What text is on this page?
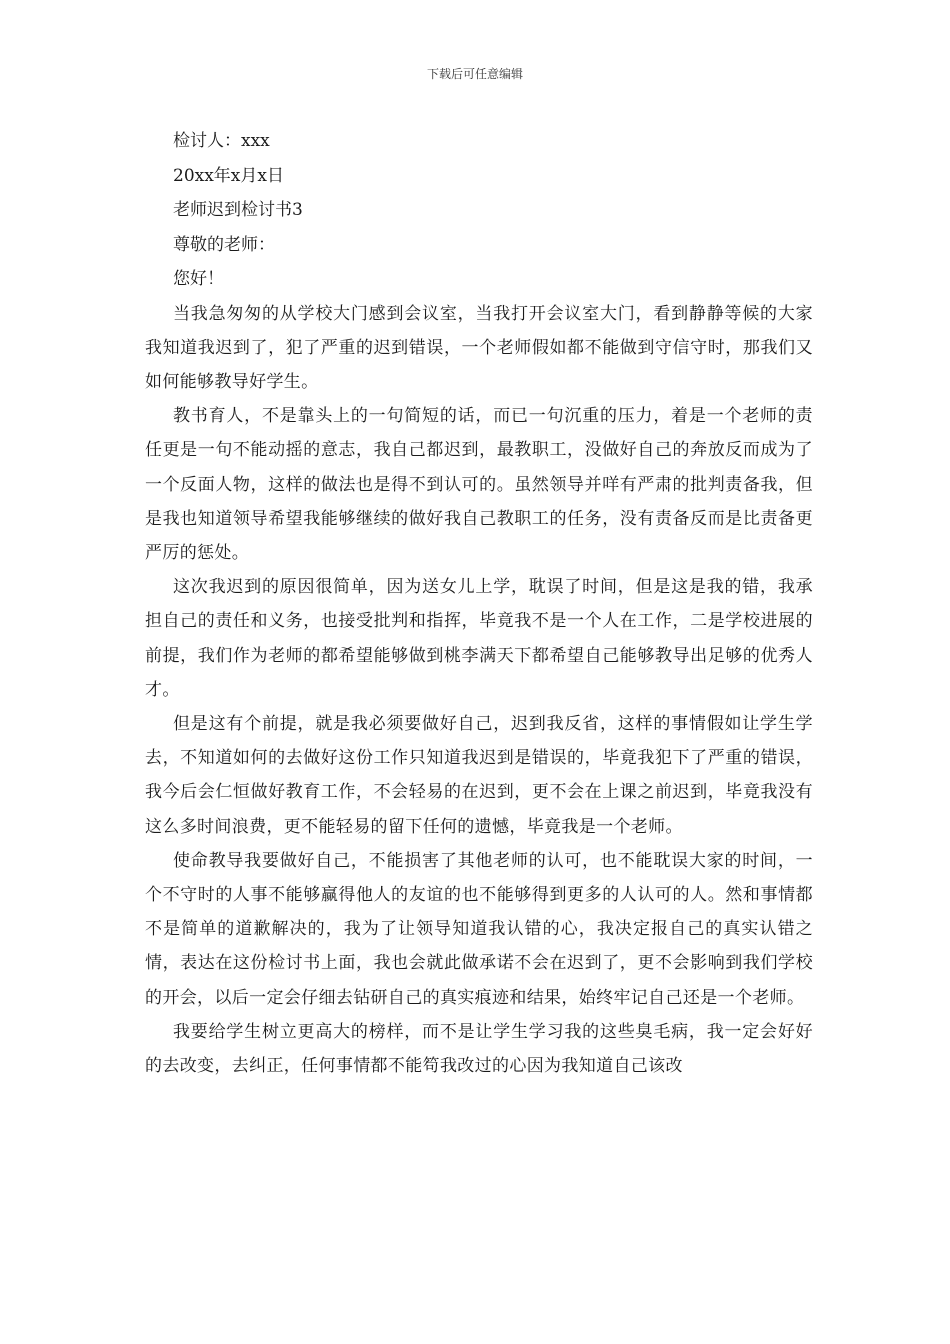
下载后可任意编辑

检讨人：xxx

20xx年x月x日

老师迟到检讨书3

尊敬的老师：

您好！

当我急匆匆的从学校大门感到会议室，当我打开会议室大门，看到静静等候的大家我知道我迟到了，犯了严重的迟到错误，一个老师假如都不能做到守信守时，那我们又如何能够教导好学生。

教书育人，不是靠头上的一句简短的话，而已一句沉重的压力，着是一个老师的责任更是一句不能动摇的意志，我自己都迟到，最教职工，没做好自己的奔放反而成为了一个反面人物，这样的做法也是得不到认可的。虽然领导并咩有严肃的批判责备我，但是我也知道领导希望我能够继续的做好我自己教职工的任务，没有责备反而是比责备更严厉的惩处。

这次我迟到的原因很简单，因为送女儿上学，耽误了时间，但是这是我的错，我承担自己的责任和义务，也接受批判和指挥，毕竟我不是一个人在工作，二是学校进展的前提，我们作为老师的都希望能够做到桃李满天下都希望自己能够教导出足够的优秀人才。

但是这有个前提，就是我必须要做好自己，迟到我反省，这样的事情假如让学生学去，不知道如何的去做好这份工作只知道我迟到是错误的，毕竟我犯下了严重的错误，我今后会仁恒做好教育工作，不会轻易的在迟到，更不会在上课之前迟到，毕竟我没有这么多时间浪费，更不能轻易的留下任何的遗憾，毕竟我是一个老师。

使命教导我要做好自己，不能损害了其他老师的认可，也不能耽误大家的时间，一个不守时的人事不能够赢得他人的友谊的也不能够得到更多的人认可的人。然和事情都不是简单的道歉解决的，我为了让领导知道我认错的心，我决定报自己的真实认错之情，表达在这份检讨书上面，我也会就此做承诺不会在迟到了，更不会影响到我们学校的开会，以后一定会仔细去钻研自己的真实痕迹和结果，始终牢记自己还是一个老师。

我要给学生树立更高大的榜样，而不是让学生学习我的这些臭毛病，我一定会好好的去改变，去纠正，任何事情都不能笱我改过的心因为我知道自己该改
